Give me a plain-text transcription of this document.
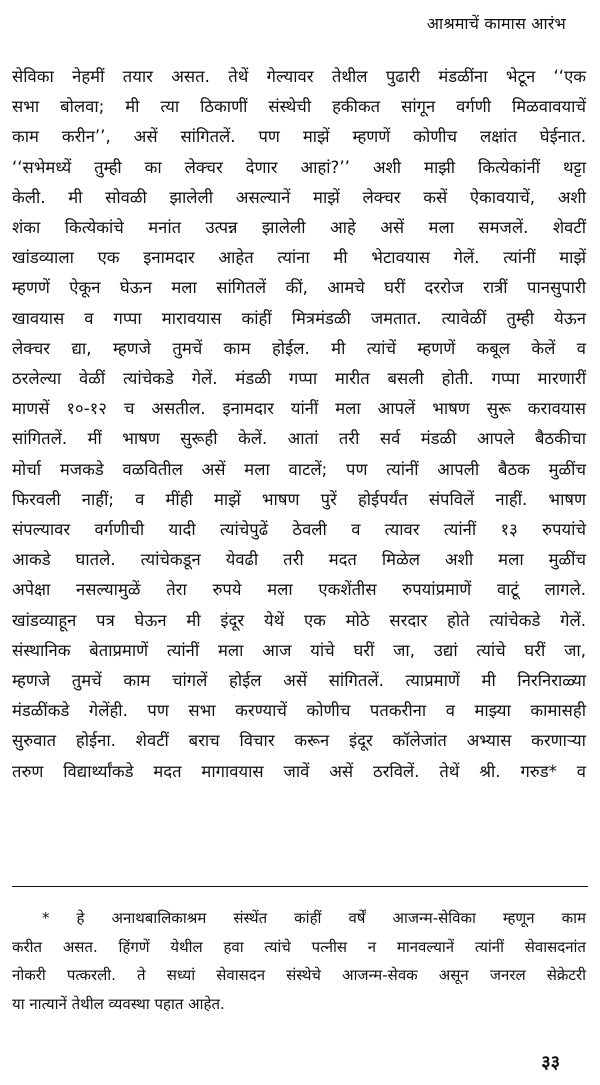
आश्रमाचें कामास आरंभ
सेविका नेहमीं तयार असत. तेथें गेल्यावर तेथील पुढारी मंडळींना भेटून ‘‘एक
सभा बोलवा; मी त्या ठिकाणीं संस्थेची हकीकत सांगून वर्गणी मिळवावयाचें
काम करीन’’, असें सांगितलें. पण माझें म्हणणें कोणीच लक्षांत घेईनात.
‘‘सभेमध्यें तुम्ही का लेक्चर देणार आहां?’’ अशी माझी कित्येकांनीं थट्टा
केली. मी सोवळी झालेली असल्यानें माझें लेक्चर कसें ऐकावयाचें, अशी
शंका कित्येकांचे मनांत उत्पन्न झालेली आहे असें मला समजलें. शेवटीं
खांडव्याला एक इनामदार आहेत त्यांना मी भेटावयास गेलें. त्यांनीं माझें
म्हणणें ऐकून घेऊन मला सांगितलें कीं, आमचे घरीं दररोज रात्रीं पानसुपारी
खावयास व गप्पा मारावयास कांहीं मित्रमंडळी जमतात. त्यावेळीं तुम्ही येऊन
लेक्चर द्या, म्हणजे तुमचें काम होईल. मी त्यांचें म्हणणें कबूल केलें व
ठरलेल्या वेळीं त्यांचेकडे गेलें. मंडळी गप्पा मारीत बसली होती. गप्पा मारणारीं
माणसें १०-१२ च असतील. इनामदार यांनीं मला आपलें भाषण सुरू करावयास
सांगितलें. मीं भाषण सुरूही केलें. आतां तरी सर्व मंडळी आपले बैठकीचा
मोर्चा मजकडे वळवितील असें मला वाटलें; पण त्यांनीं आपली बैठक मुळींच
फिरवली नाहीं; व मींही माझें भाषण पुरें होईपर्यंत संपविलें नाहीं. भाषण
संपल्यावर वर्गणीची यादी त्यांचेपुढें ठेवली व त्यावर त्यांनीं १३ रुपयांचे
आकडे घातले. त्यांचेकडून येवढी तरी मदत मिळेल अशी मला मुळींच
अपेक्षा नसल्यामुळें तेरा रुपये मला एकशेंतीस रुपयांप्रमाणें वाटूं लागले.
खांडव्याहून पत्र घेऊन मी इंदूर येथें एक मोठे सरदार होते त्यांचेकडे गेलें.
संस्थानिक बेताप्रमाणें त्यांनीं मला आज यांचे घरीं जा, उद्यां त्यांचे घरीं जा,
म्हणजे तुमचें काम चांगलें होईल असें सांगितलें. त्याप्रमाणें मी निरनिराळ्या
मंडळींकडे गेलेंही. पण सभा करण्याचें कोणीच पतकरीना व माझ्या कामासही
सुरुवात होईना. शेवटीं बराच विचार करून इंदूर कॉलेजांत अभ्यास करणाऱ्या
तरुण विद्यार्थ्यांकडे मदत मागावयास जावें असें ठरविलें. तेथें श्री. गरुड* व
* हे अनाथबालिकाश्रम संस्थेंत कांहीं वर्षें आजन्म-सेविका म्हणून काम
करीत असत. हिंगणें येथील हवा त्यांचे पत्नीस न मानवल्यानें त्यांनीं सेवासदनांत
नोकरी पत्करली. ते सध्यां सेवासदन संस्थेचे आजन्म-सेवक असून जनरल सेक्रेटरी
या नात्यानें तेथील व्यवस्था पहात आहेत.
३३
